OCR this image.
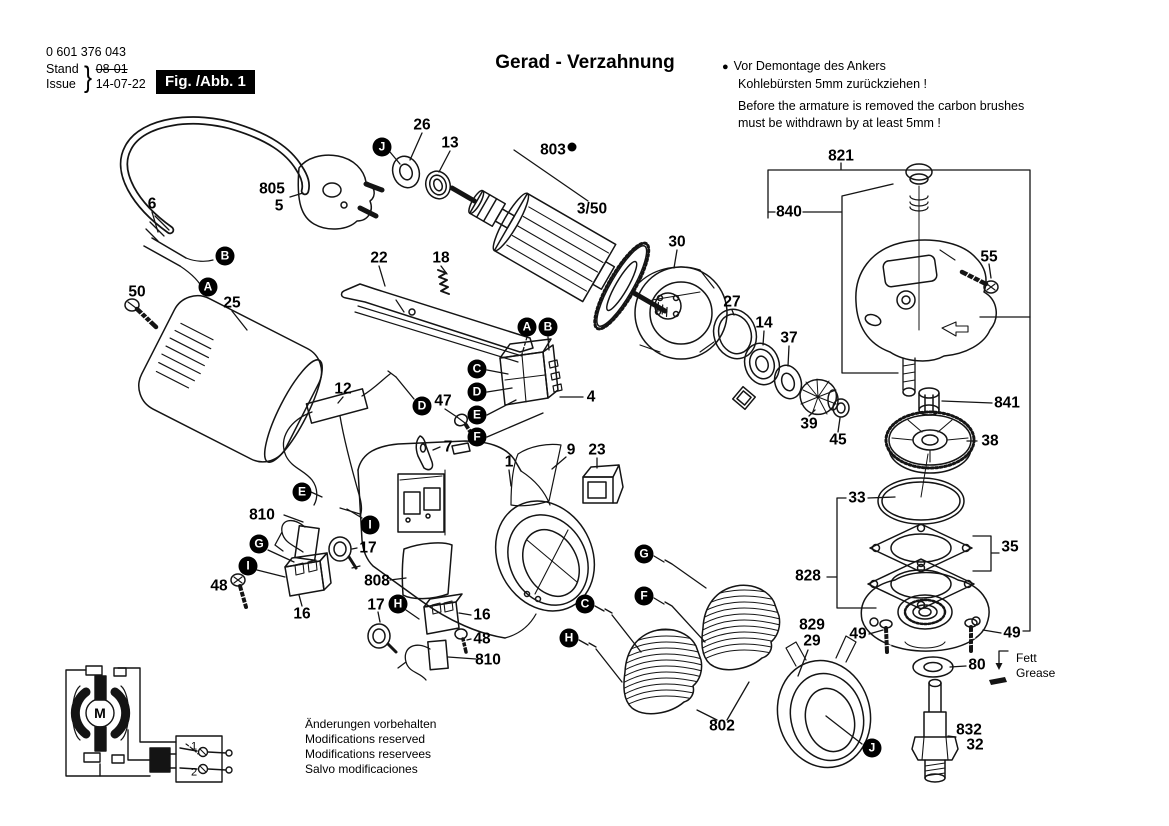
0 601 376 043
Stand
Issue } 08-01
14-07-22	Fig. /Abb. 1
Gerad - Verzahnung	● Vor Demontage des Ankers
Kohlebürsten 5mm zurückziehen !
Before the armature is removed the carbon brushes
must be withdrawn by at least 5mm !
Fett
Grease
Änderungen vorbehalten
Modifications reserved
Modifications reservees
Salvo modificaciones
26
13	803
3/50
805
5
6
50
25
22	18
30
27
14
37
39
45
821
840
55
841
38
33
35
828
829
29 49	49
80
832
32
4
12
47
7	9 23
1
810
17
48
16
808
17
16
48
810
802
J
B
A
A	B
C
D
E
F
D
E
I
G
I
H
G
F
C
H
J
M
1
2
